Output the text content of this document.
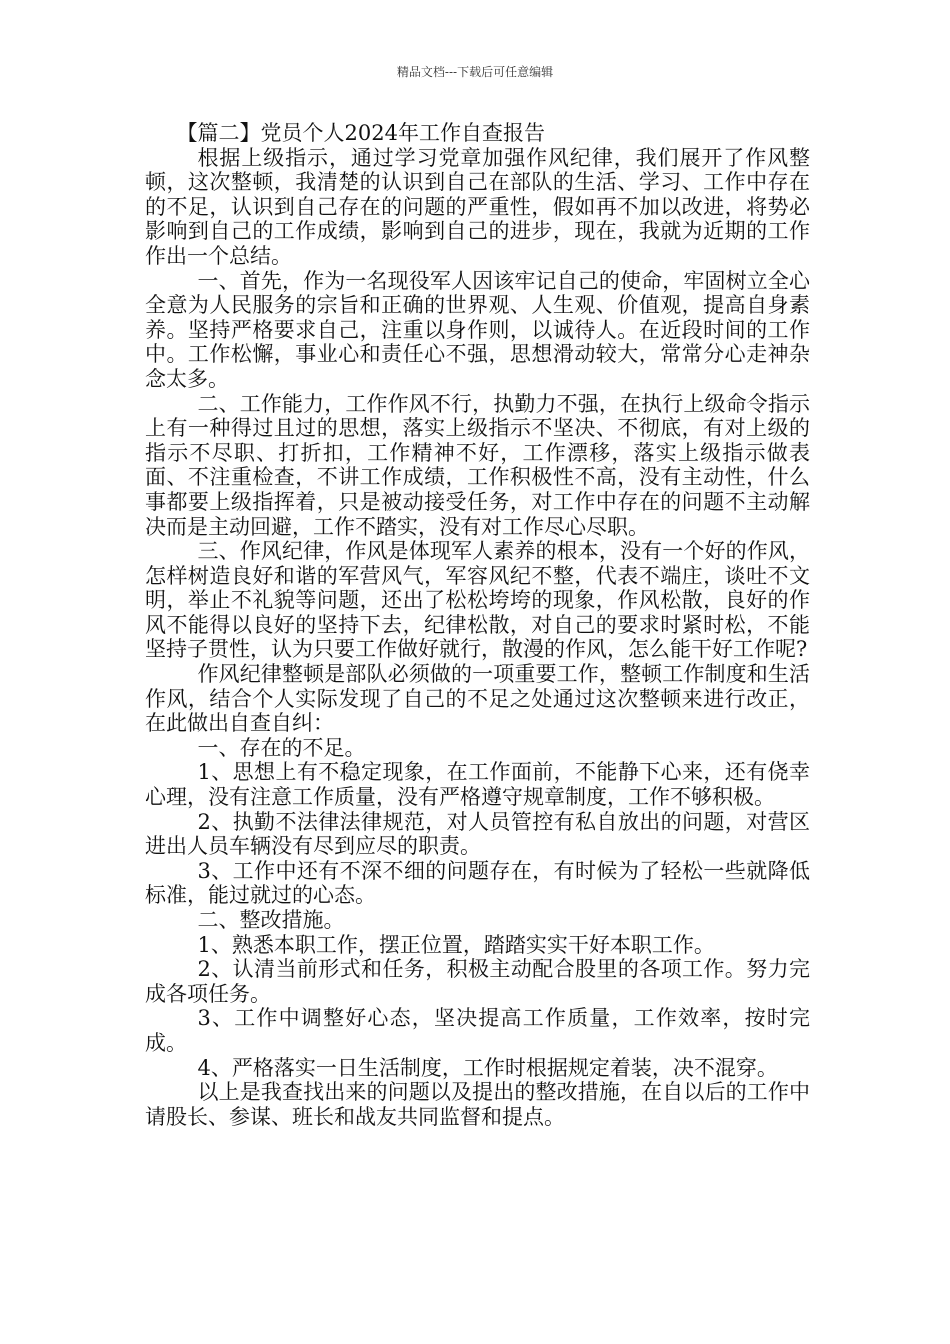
精品文档---下载后可任意编辑

【篇二】党员个人2024年工作自查报告

根据上级指示，通过学习党章加强作风纪律，我们展开了作风整顿，这次整顿，我清楚的认识到自己在部队的生活、学习、工作中存在的不足，认识到自己存在的问题的严重性，假如再不加以改进，将势必影响到自己的工作成绩，影响到自己的进步，现在，我就为近期的工作作出一个总结。

一、首先，作为一名现役军人因该牢记自己的使命，牢固树立全心全意为人民服务的宗旨和正确的世界观、人生观、价值观，提高自身素养。坚持严格要求自己，注重以身作则，以诚待人。在近段时间的工作中。工作松懈，事业心和责任心不强，思想滑动较大，常常分心走神杂念太多。

二、工作能力，工作作风不行，执勤力不强，在执行上级命令指示上有一种得过且过的思想，落实上级指示不坚决、不彻底，有对上级的指示不尽职、打折扣，工作精神不好，工作漂移，落实上级指示做表面、不注重检查，不讲工作成绩，工作积极性不高，没有主动性，什么事都要上级指挥着，只是被动接受任务，对工作中存在的问题不主动解决而是主动回避，工作不踏实，没有对工作尽心尽职。

三、作风纪律，作风是体现军人素养的根本，没有一个好的作风，怎样树造良好和谐的军营风气，军容风纪不整，代表不端庄，谈吐不文明，举止不礼貌等问题，还出了松松垮垮的现象，作风松散，良好的作风不能得以良好的坚持下去，纪律松散，对自己的要求时紧时松，不能坚持子贯性，认为只要工作做好就行，散漫的作风，怎么能干好工作呢?

作风纪律整顿是部队必须做的一项重要工作，整顿工作制度和生活作风，结合个人实际发现了自己的不足之处通过这次整顿来进行改正，在此做出自查自纠：

一、存在的不足。

1、思想上有不稳定现象，在工作面前，不能静下心来，还有侥幸心理，没有注意工作质量，没有严格遵守规章制度，工作不够积极。

2、执勤不法律法律规范，对人员管控有私自放出的问题，对营区进出人员车辆没有尽到应尽的职责。

3、工作中还有不深不细的问题存在，有时候为了轻松一些就降低标准，能过就过的心态。

二、整改措施。

1、熟悉本职工作，摆正位置，踏踏实实干好本职工作。

2、认清当前形式和任务，积极主动配合股里的各项工作。努力完成各项任务。

3、工作中调整好心态，坚决提高工作质量，工作效率，按时完成。

4、严格落实一日生活制度，工作时根据规定着装，决不混穿。

以上是我查找出来的问题以及提出的整改措施，在自以后的工作中请股长、参谋、班长和战友共同监督和提点。
